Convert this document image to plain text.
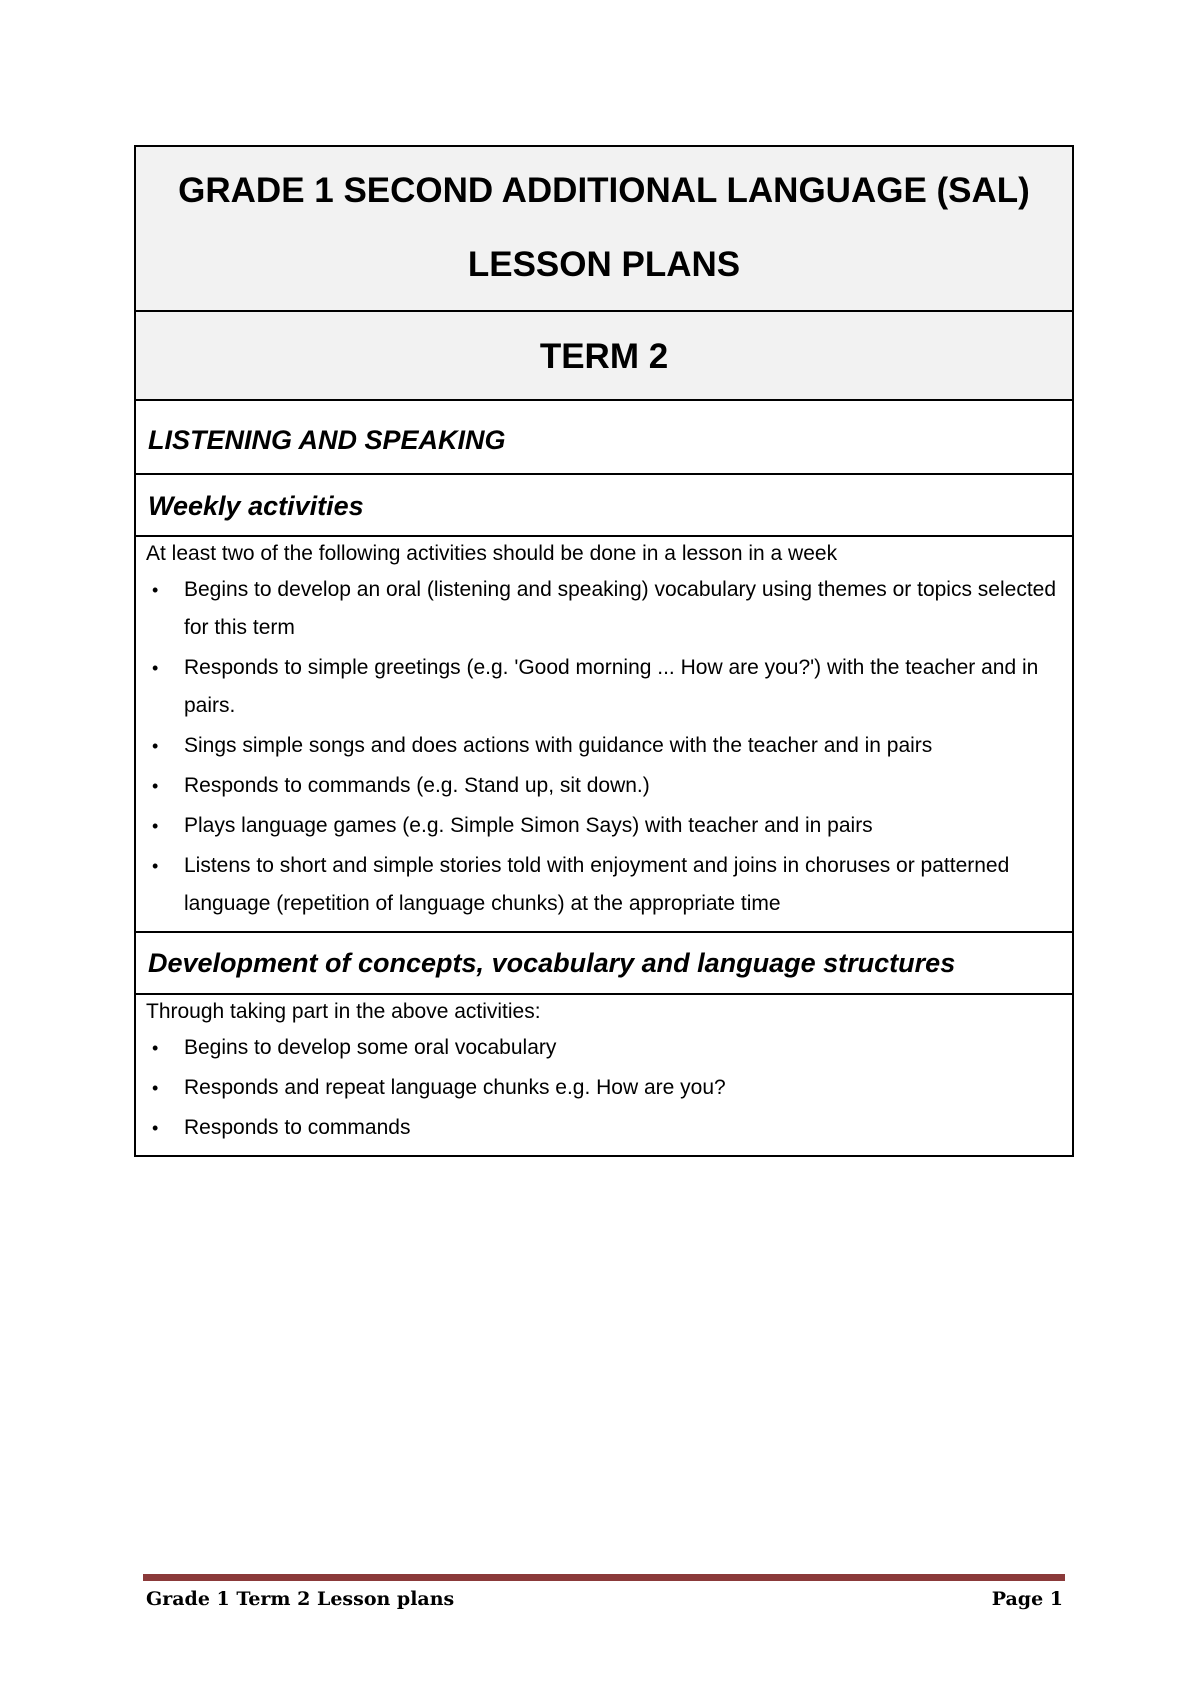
GRADE 1 SECOND ADDITIONAL LANGUAGE (SAL)
LESSON PLANS
TERM 2
LISTENING AND SPEAKING
Weekly activities
At least two of the following activities should be done in a lesson in a week
• Begins to develop an oral (listening and speaking) vocabulary using themes or topics selected for this term
• Responds to simple greetings (e.g. 'Good morning ... How are you?') with the teacher and in pairs.
• Sings simple songs and does actions with guidance with the teacher and in pairs
• Responds to commands (e.g. Stand up, sit down.)
• Plays language games (e.g. Simple Simon Says) with teacher and in pairs
• Listens to short and simple stories told with enjoyment and joins in choruses or patterned language (repetition of language chunks) at the appropriate time
Development of concepts, vocabulary and language structures
Through taking part in the above activities:
• Begins to develop some oral vocabulary
• Responds and repeat language chunks e.g. How are you?
• Responds to commands
Grade 1 Term 2 Lesson plans	Page 1
